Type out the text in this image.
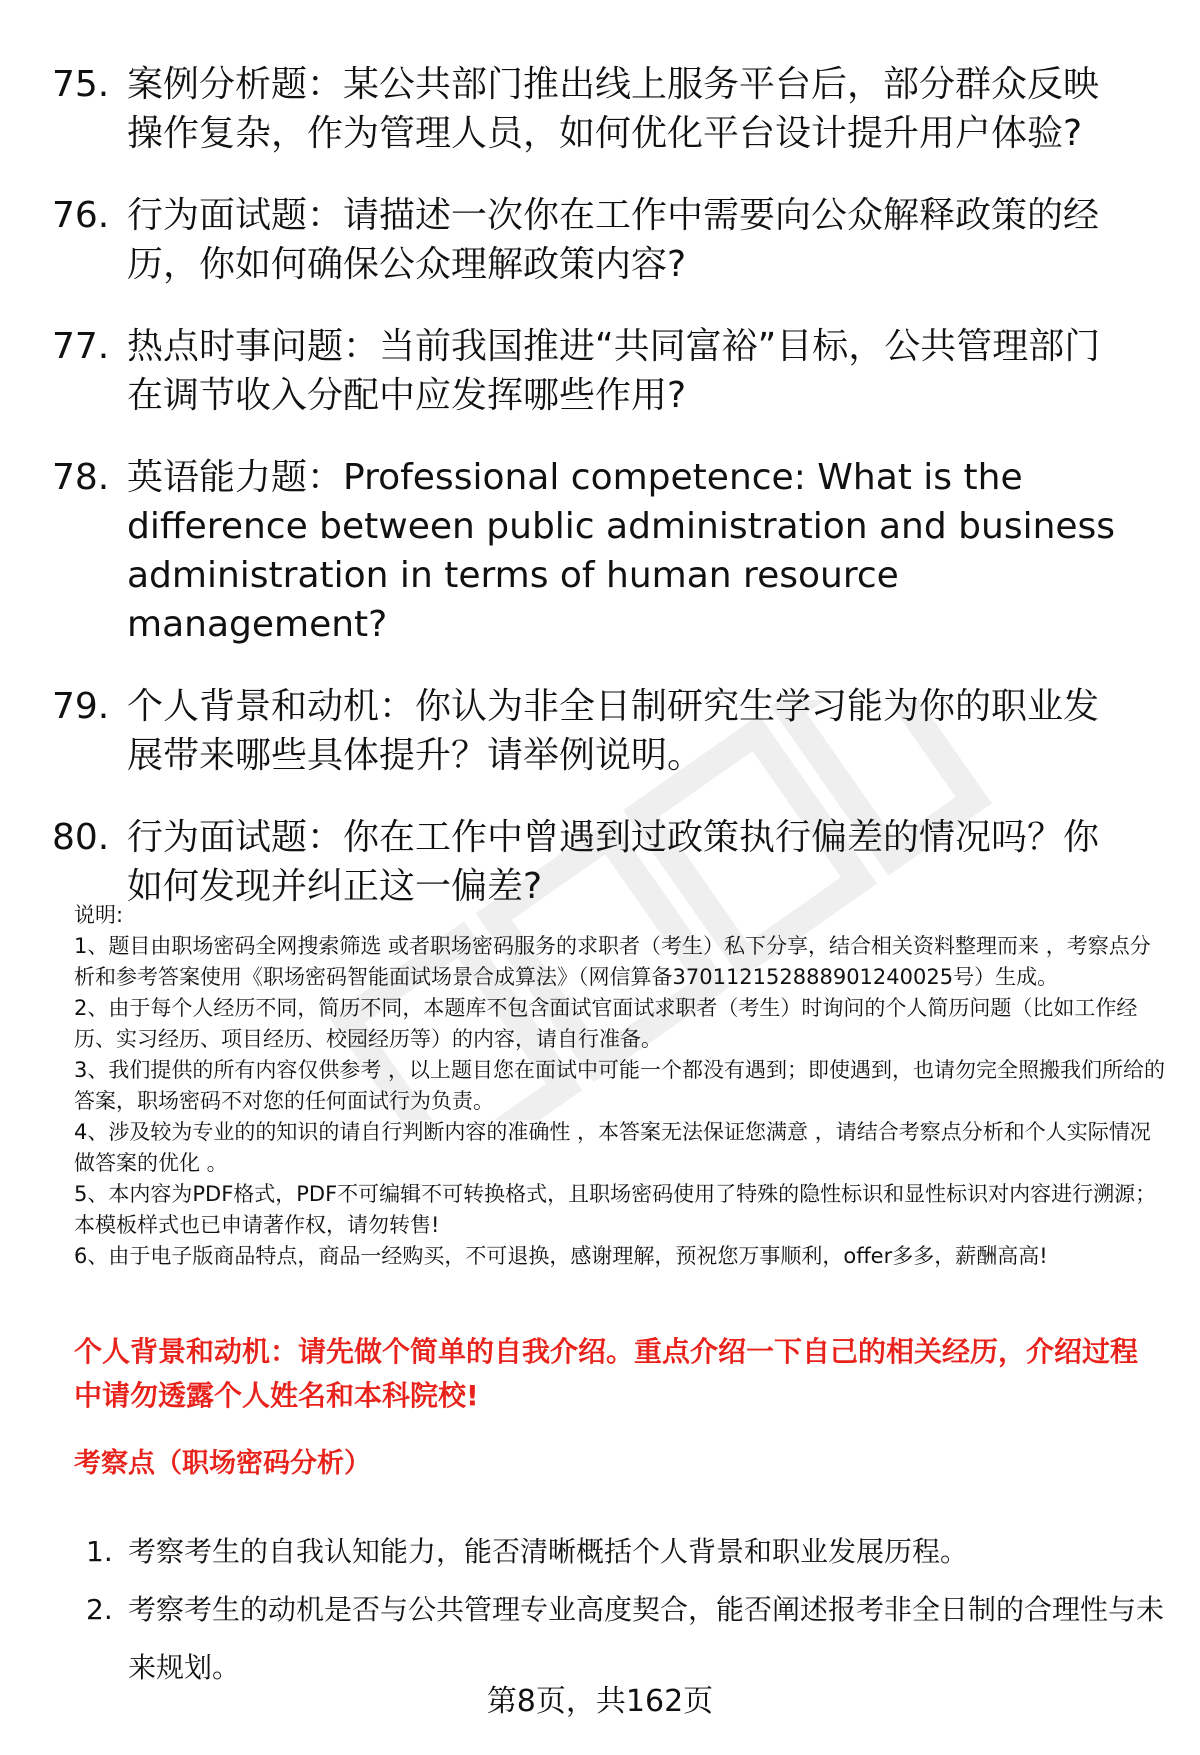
75. 案例分析题：某公共部门推出线上服务平台后，部分群众反映操作复杂，作为管理人员，如何优化平台设计提升用户体验?
76. 行为面试题：请描述一次你在工作中需要向公众解释政策的经历，你如何确保公众理解政策内容?
77. 热点时事问题：当前我国推进“共同富裕”目标，公共管理部门在调节收入分配中应发挥哪些作用?
78. 英语能力题：Professional competence: What is the difference between public administration and business administration in terms of human resource management?
79. 个人背景和动机：你认为非全日制研究生学习能为你的职业发展带来哪些具体提升？请举例说明。
80. 行为面试题：你在工作中曾遇到过政策执行偏差的情况吗？你如何发现并纠正这一偏差?

说明:

1、题目由职场密码全网搜索筛选 或者职场密码服务的求职者（考生）私下分享，结合相关资料整理而来 ，考察点分析和参考答案使用《职场密码智能面试场景合成算法》（网信算备370112152888901240025号）生成。

2、由于每个人经历不同，简历不同，本题库不包含面试官面试求职者（考生）时询问的个人简历问题（比如工作经历、实习经历、项目经历、校园经历等）的内容，请自行准备。

3、我们提供的所有内容仅供参考 ，以上题目您在面试中可能一个都没有遇到；即使遇到，也请勿完全照搬我们所给的答案，职场密码不对您的任何面试行为负责。

4、涉及较为专业的的知识的请自行判断内容的准确性 ，本答案无法保证您满意 ，请结合考察点分析和个人实际情况做答案的优化 。

5、本内容为PDF格式，PDF不可编辑不可转换格式，且职场密码使用了特殊的隐性标识和显性标识对内容进行溯源；本模板样式也已申请著作权，请勿转售!

6、由于电子版商品特点，商品一经购买，不可退换，感谢理解，预祝您万事顺利，offer多多，薪酬高高!

个人背景和动机：请先做个简单的自我介绍。重点介绍一下自己的相关经历，介绍过程中请勿透露个人姓名和本科院校!
考察点（职场密码分析）
1. 考察考生的自我认知能力，能否清晰概括个人背景和职业发展历程。
2. 考察考生的动机是否与公共管理专业高度契合，能否阐述报考非全日制的合理性与未来规划。
第8页，共162页
